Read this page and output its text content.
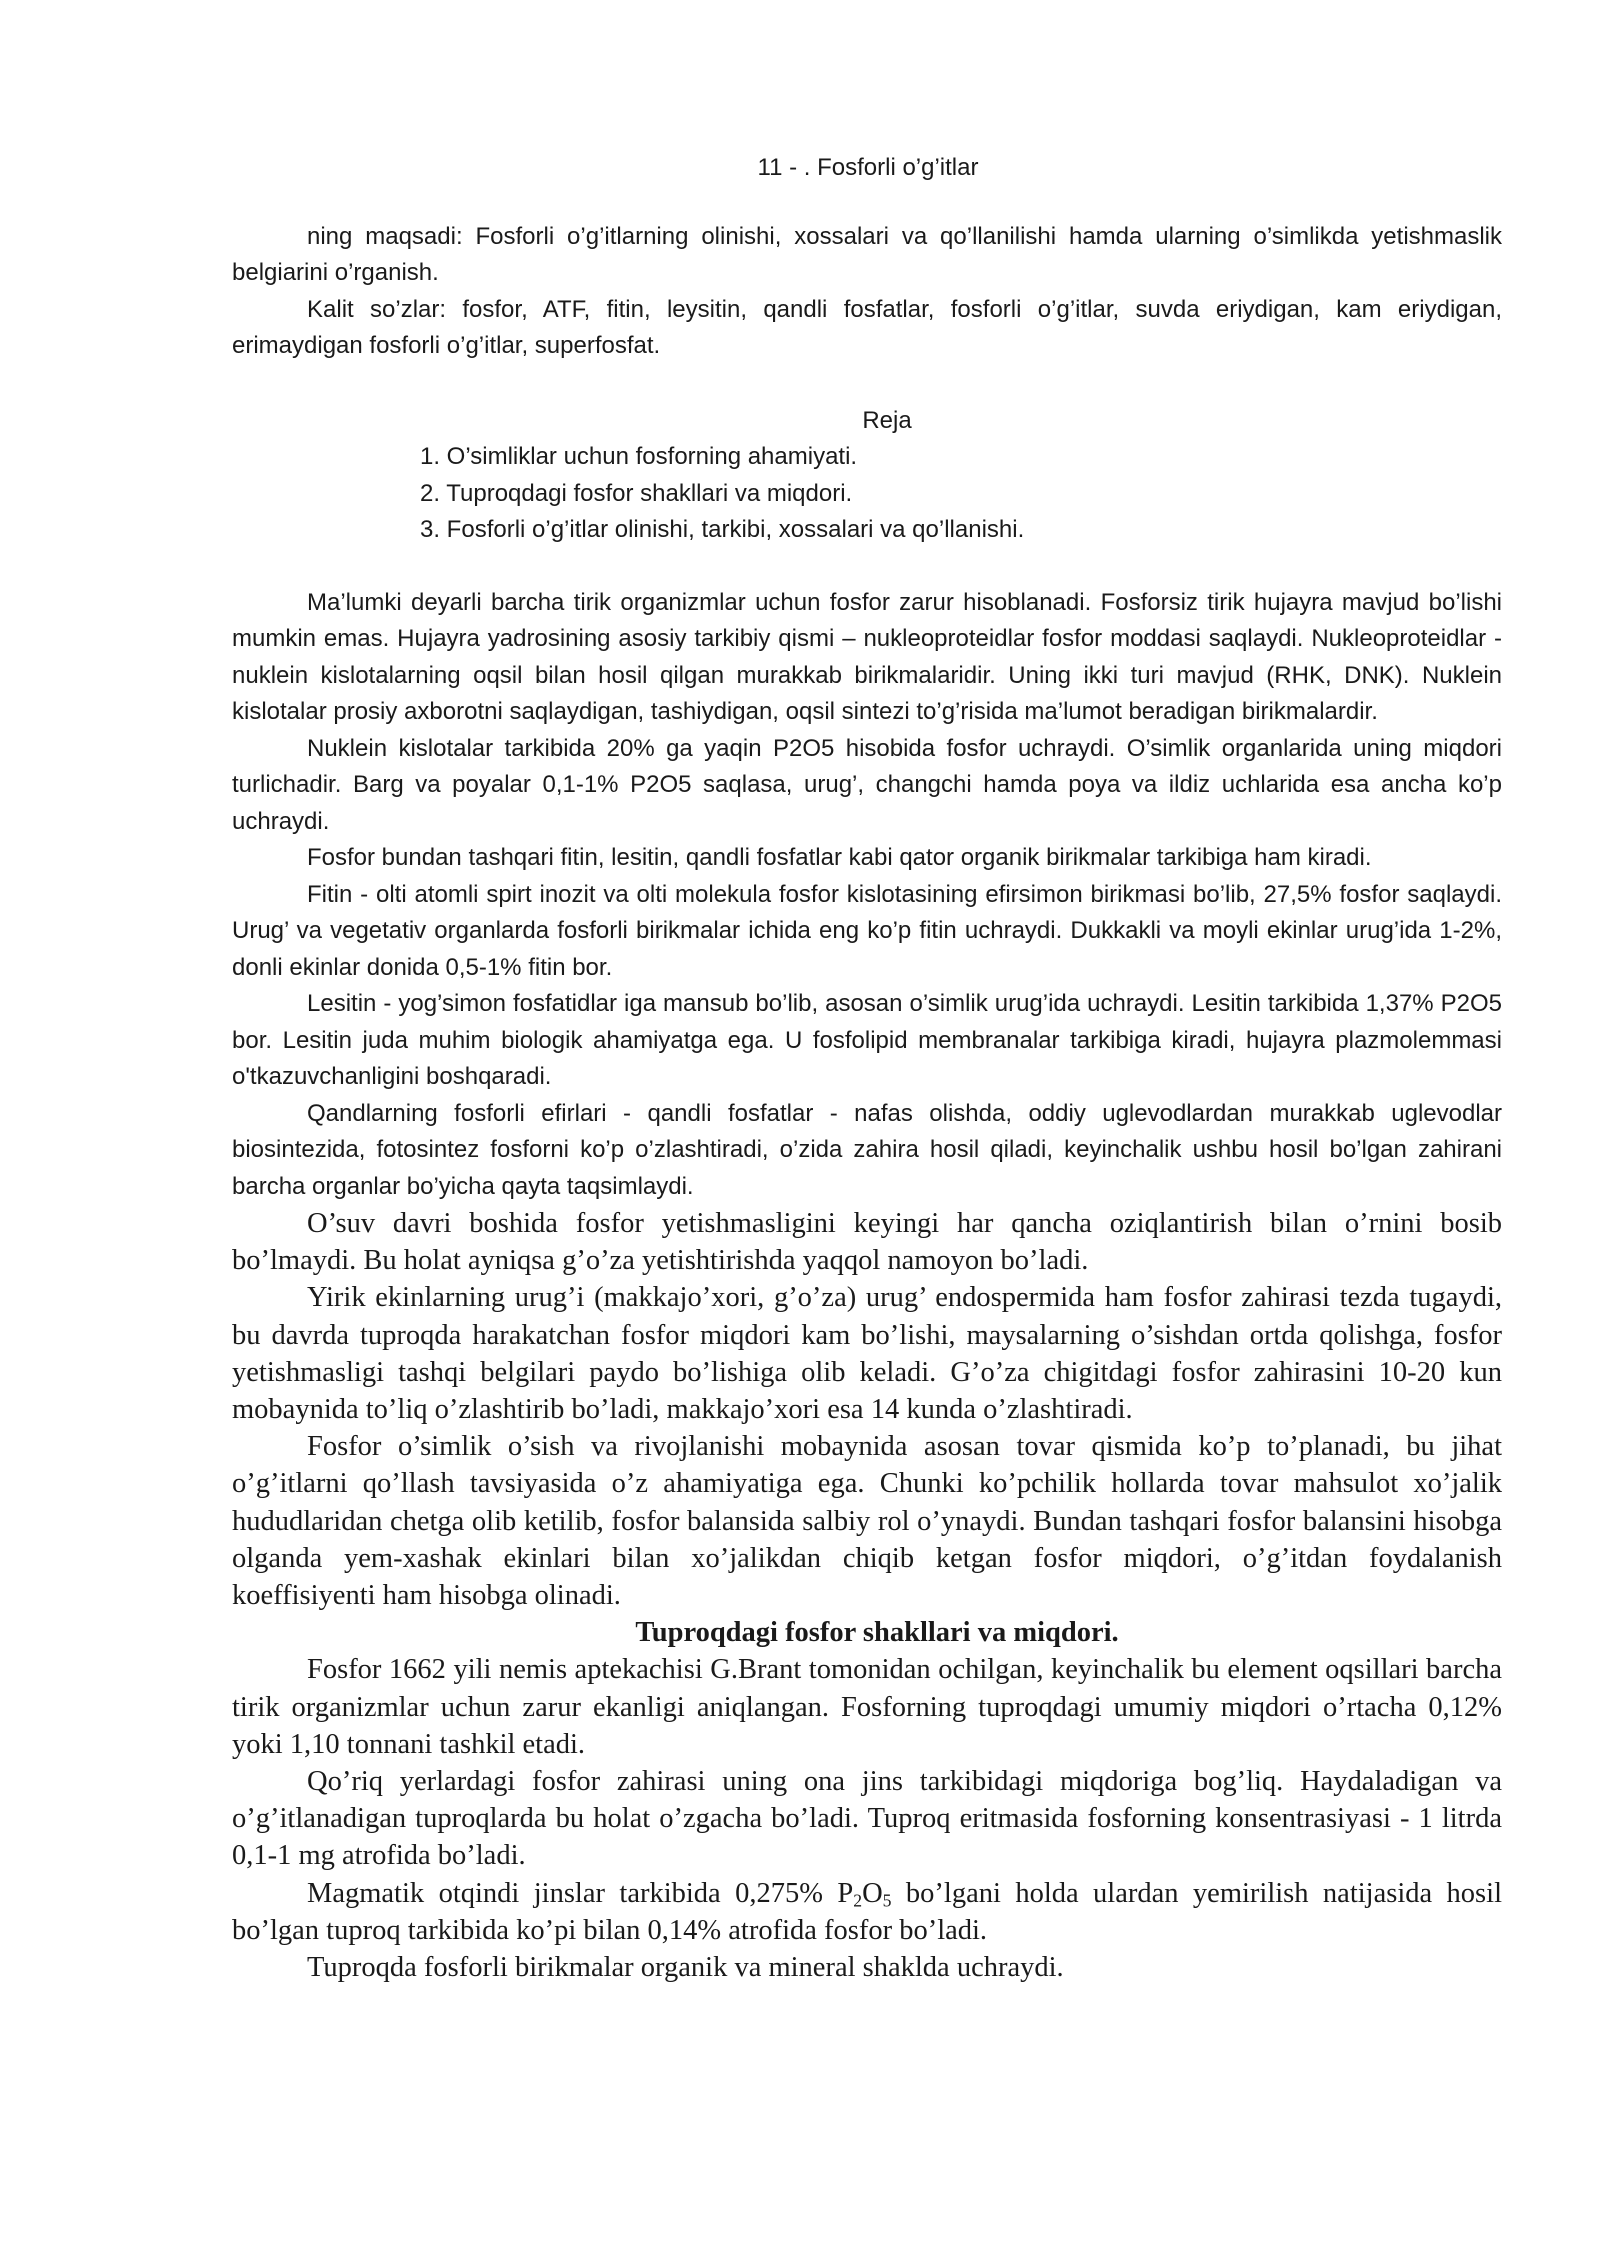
11 - . Fosforli o’g’itlar

ning maqsadi: Fosforli o’g’itlarning olinishi, xossalari va qo’llanilishi hamda ularning o’simlikda yetishmaslik belgiarini o’rganish.

Kalit so’zlar: fosfor, ATF, fitin, leysitin, qandli fosfatlar, fosforli o’g’itlar, suvda eriydigan, kam eriydigan, erimaydigan fosforli o’g’itlar, superfosfat.

Reja
1. O’simliklar uchun fosforning ahamiyati.
2. Tuproqdagi fosfor shakllari va miqdori.
3. Fosforli o’g’itlar olinishi, tarkibi, xossalari va qo’llanishi.

Ma’lumki deyarli barcha tirik organizmlar uchun fosfor zarur hisoblanadi. Fosforsiz tirik hujayra mavjud bo’lishi mumkin emas. Hujayra yadrosining asosiy tarkibiy qismi – nukleoproteidlar fosfor moddasi saqlaydi. Nukleoproteidlar - nuklein kislotalarning oqsil bilan hosil qilgan murakkab birikmalaridir. Uning ikki turi mavjud (RHK, DNK). Nuklein kislotalar prosiy axborotni saqlaydigan, tashiydigan, oqsil sintezi to’g’risida ma’lumot beradigan birikmalardir.

Nuklein kislotalar tarkibida 20% ga yaqin P2O5 hisobida fosfor uchraydi. O’simlik organlarida uning miqdori turlichadir. Barg va poyalar 0,1-1% P2O5 saqlasa, urug’, changchi hamda poya va ildiz uchlarida esa ancha ko’p uchraydi.

Fosfor bundan tashqari fitin, lesitin, qandli fosfatlar kabi qator organik birikmalar tarkibiga ham kiradi.

Fitin - olti atomli spirt inozit va olti molekula fosfor kislotasining efirsimon birikmasi bo’lib, 27,5% fosfor saqlaydi. Urug’ va vegetativ organlarda fosforli birikmalar ichida eng ko’p fitin uchraydi. Dukkakli va moyli ekinlar urug’ida 1-2%, donli ekinlar donida 0,5-1% fitin bor.

Lesitin - yog’simon fosfatidlar iga mansub bo’lib, asosan o’simlik urug’ida uchraydi. Lesitin tarkibida 1,37% P2O5 bor. Lesitin juda muhim biologik ahamiyatga ega. U fosfolipid membranalar tarkibiga kiradi, hujayra plazmolemmasi o'tkazuvchanligini boshqaradi.

Qandlarning fosforli efirlari - qandli fosfatlar - nafas olishda, oddiy uglevodlardan murakkab uglevodlar biosintezida, fotosintez fosforni ko’p o’zlashtiradi, o’zida zahira hosil qiladi, keyinchalik ushbu hosil bo’lgan zahirani barcha organlar bo’yicha qayta taqsimlaydi.

O’suv davri boshida fosfor yetishmasligini keyingi har qancha oziqlantirish bilan o’rnini bosib bo’lmaydi. Bu holat ayniqsa g’o’za yetishtirishda yaqqol namoyon bo’ladi.

Yirik ekinlarning urug’i (makkajo’xori, g’o’za) urug’ endospermida ham fosfor zahirasi tezda tugaydi, bu davrda tuproqda harakatchan fosfor miqdori kam bo’lishi, maysalarning o’sishdan ortda qolishga, fosfor yetishmasligi tashqi belgilari paydo bo’lishiga olib keladi. G’o’za chigitdagi fosfor zahirasini 10-20 kun mobaynida to’liq o’zlashtirib bo’ladi, makkajo’xori esa 14 kunda o’zlashtiradi.

Fosfor o’simlik o’sish va rivojlanishi mobaynida asosan tovar qismida ko’p to’planadi, bu jihat o’g’itlarni qo’llash tavsiyasida o’z ahamiyatiga ega. Chunki ko’pchilik hollarda tovar mahsulot xo’jalik hududlaridan chetga olib ketilib, fosfor balansida salbiy rol o’ynaydi. Bundan tashqari fosfor balansini hisobga olganda yem-xashak ekinlari bilan xo’jalikdan chiqib ketgan fosfor miqdori, o’g’itdan foydalanish koeffisiyenti ham hisobga olinadi.

Tuproqdagi fosfor shakllari va miqdori.

Fosfor 1662 yili nemis aptekachisi G.Brant tomonidan ochilgan, keyinchalik bu element oqsillari barcha tirik organizmlar uchun zarur ekanligi aniqlangan. Fosforning tuproqdagi umumiy miqdori o’rtacha 0,12% yoki 1,10 tonnani tashkil etadi.

Qo’riq yerlardagi fosfor zahirasi uning ona jins tarkibidagi miqdoriga bog’liq. Haydaladigan va o’g’itlanadigan tuproqlarda bu holat o’zgacha bo’ladi. Tuproq eritmasida fosforning konsentrasiyasi - 1 litrda 0,1-1 mg atrofida bo’ladi.

Magmatik otqindi jinslar tarkibida 0,275% $P_2O_5$ bo’lgani holda ulardan yemirilish natijasida hosil bo’lgan tuproq tarkibida ko’pi bilan 0,14% atrofida fosfor bo’ladi.

Tuproqda fosforli birikmalar organik va mineral shaklda uchraydi.
